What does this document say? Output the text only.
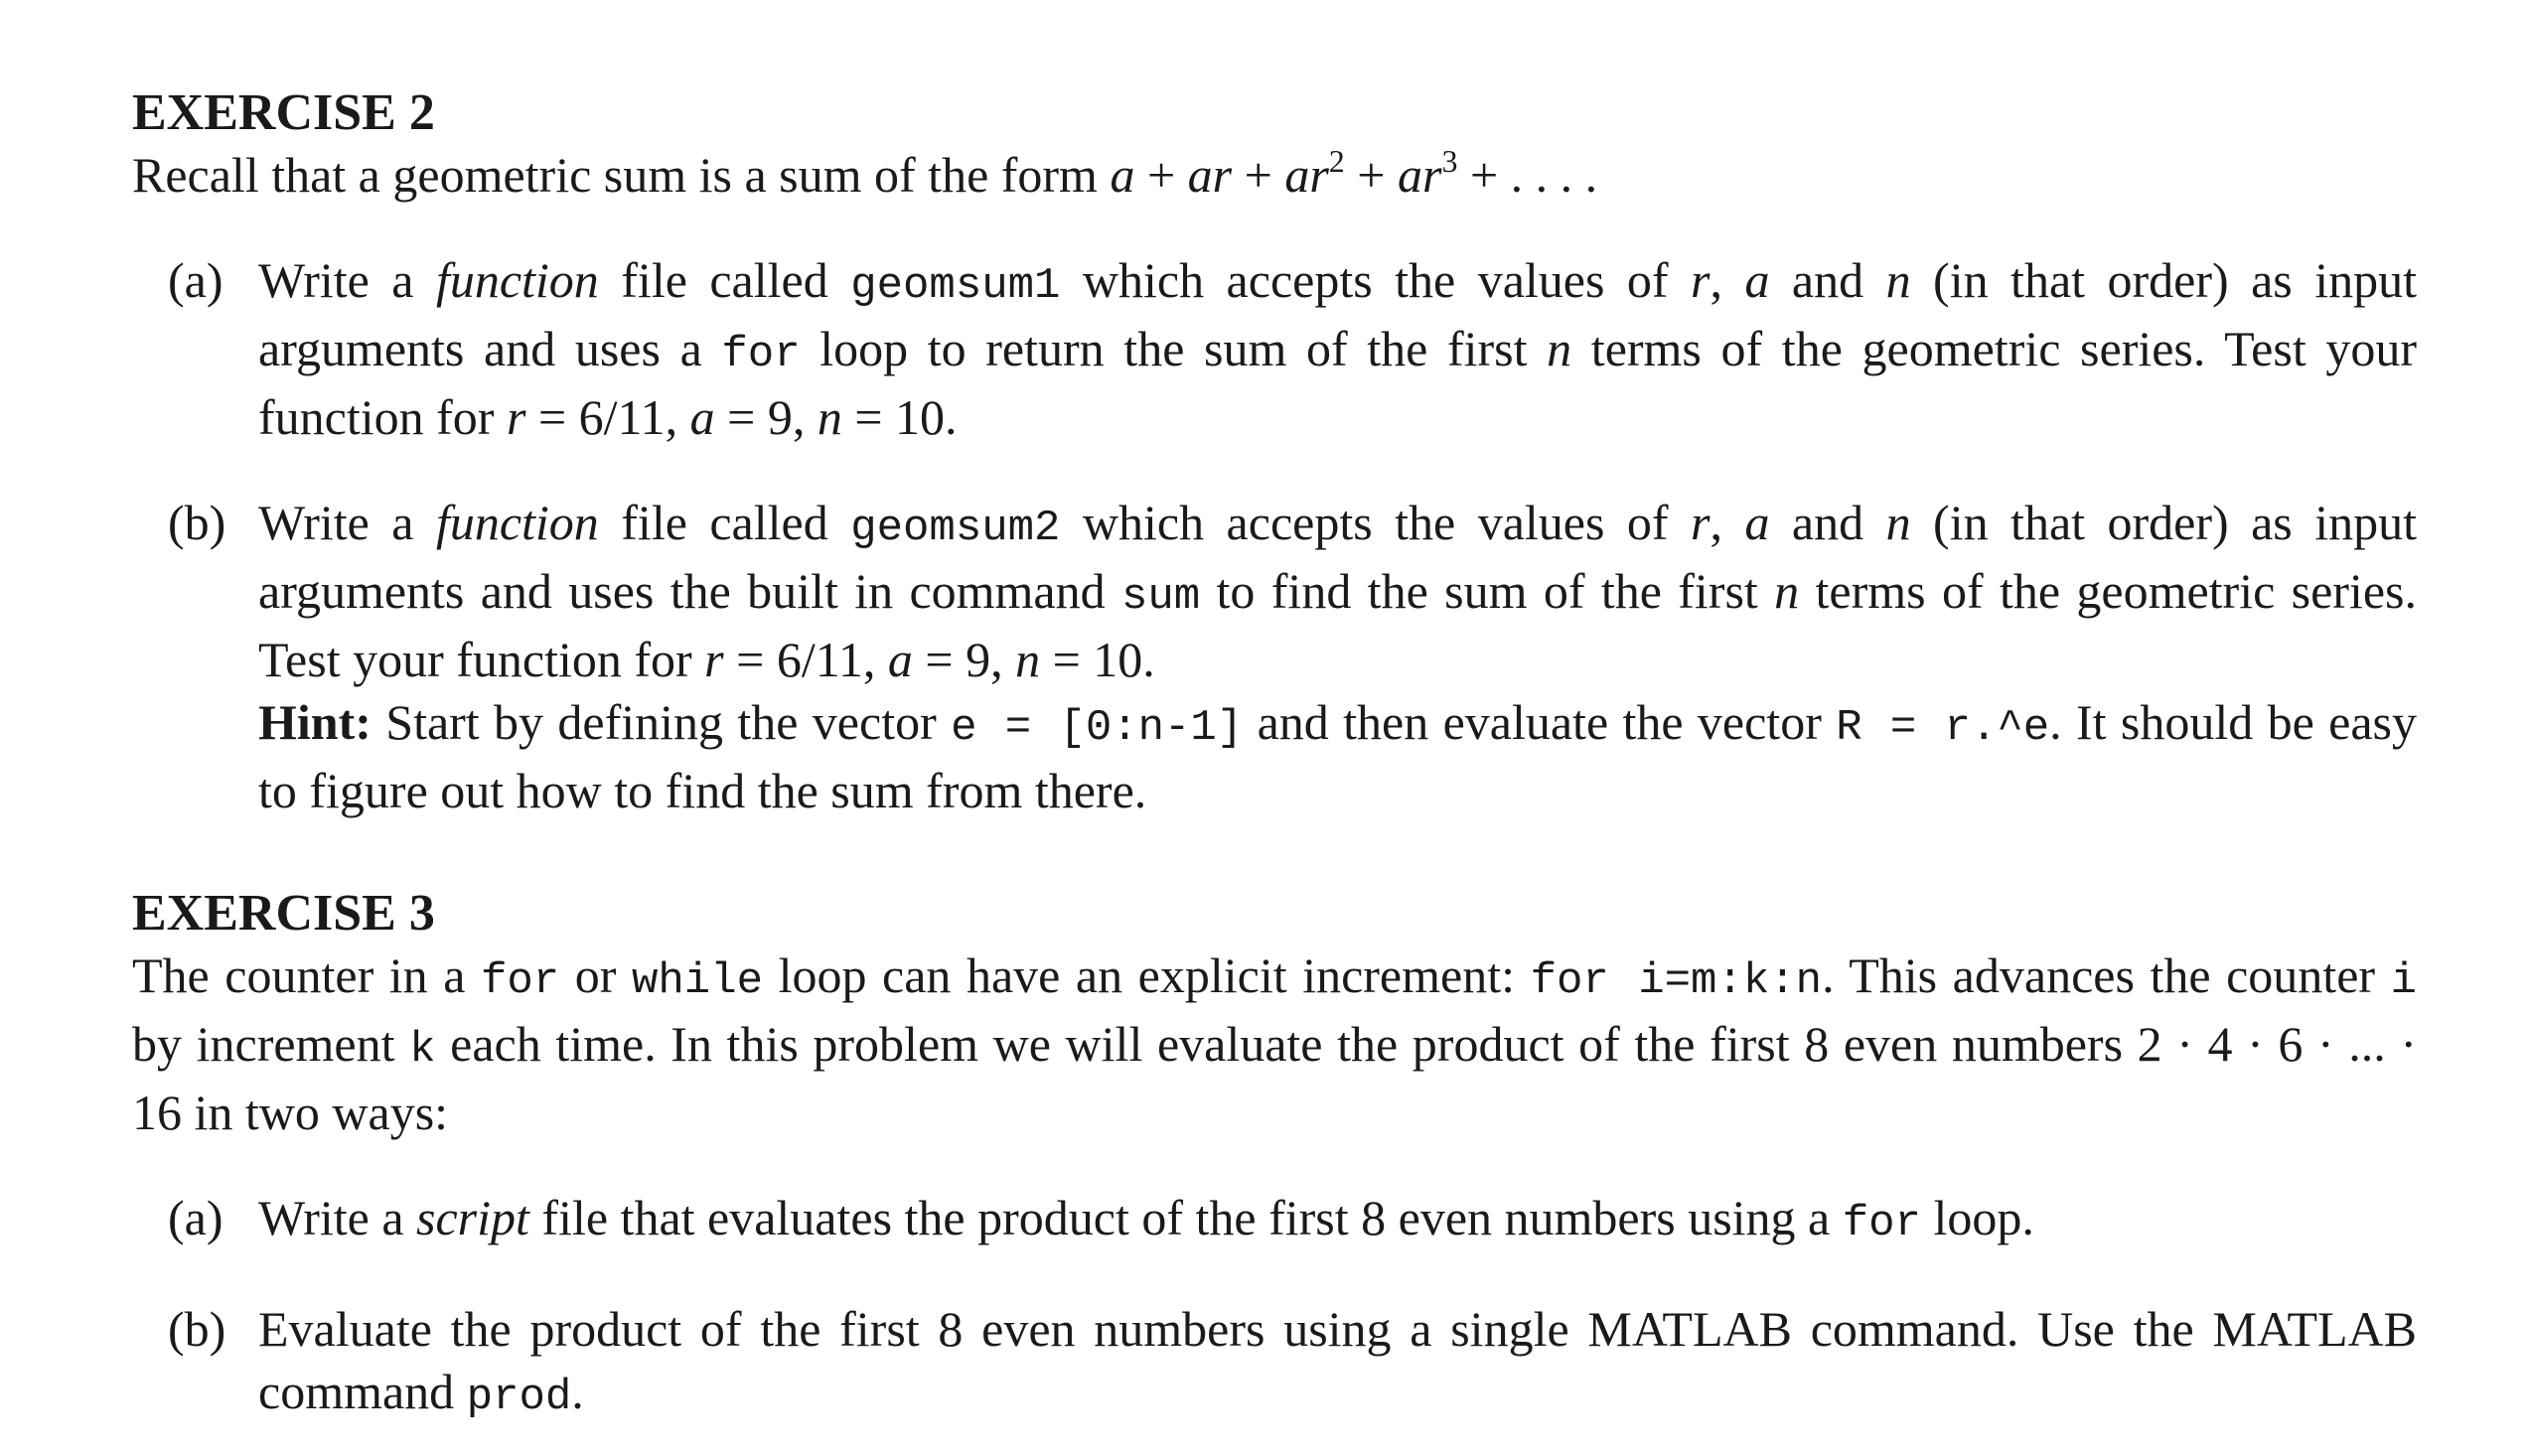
EXERCISE 2

Recall that a geometric sum is a sum of the form a + ar + $ar^2 + ar^3$ + . . . .

(a) Write a function file called geomsum1 which accepts the values of r, a and n (in that order) as input arguments and uses a for loop to return the sum of the first n terms of the geometric series. Test your function for r = 6/11, a = 9, n = 10.
(b) Write a function file called geomsum2 which accepts the values of r, a and n (in that order) as input arguments and uses the built in command sum to find the sum of the first n terms of the geometric series. Test your function for r = 6/11, a = 9, n = 10.
Hint: Start by defining the vector e = [0:n-1] and then evaluate the vector R = r.^e. It should be easy to figure out how to find the sum from there.
EXERCISE 3

The counter in a for or while loop can have an explicit increment: for i=m:k:n. This advances the counter i by increment k each time. In this problem we will evaluate the product of the first 8 even numbers 2 · 4 · 6 · ... · 16 in two ways:

(a) Write a script file that evaluates the product of the first 8 even numbers using a for loop.
(b) Evaluate the product of the first 8 even numbers using a single MATLAB command. Use the MATLAB command prod.
